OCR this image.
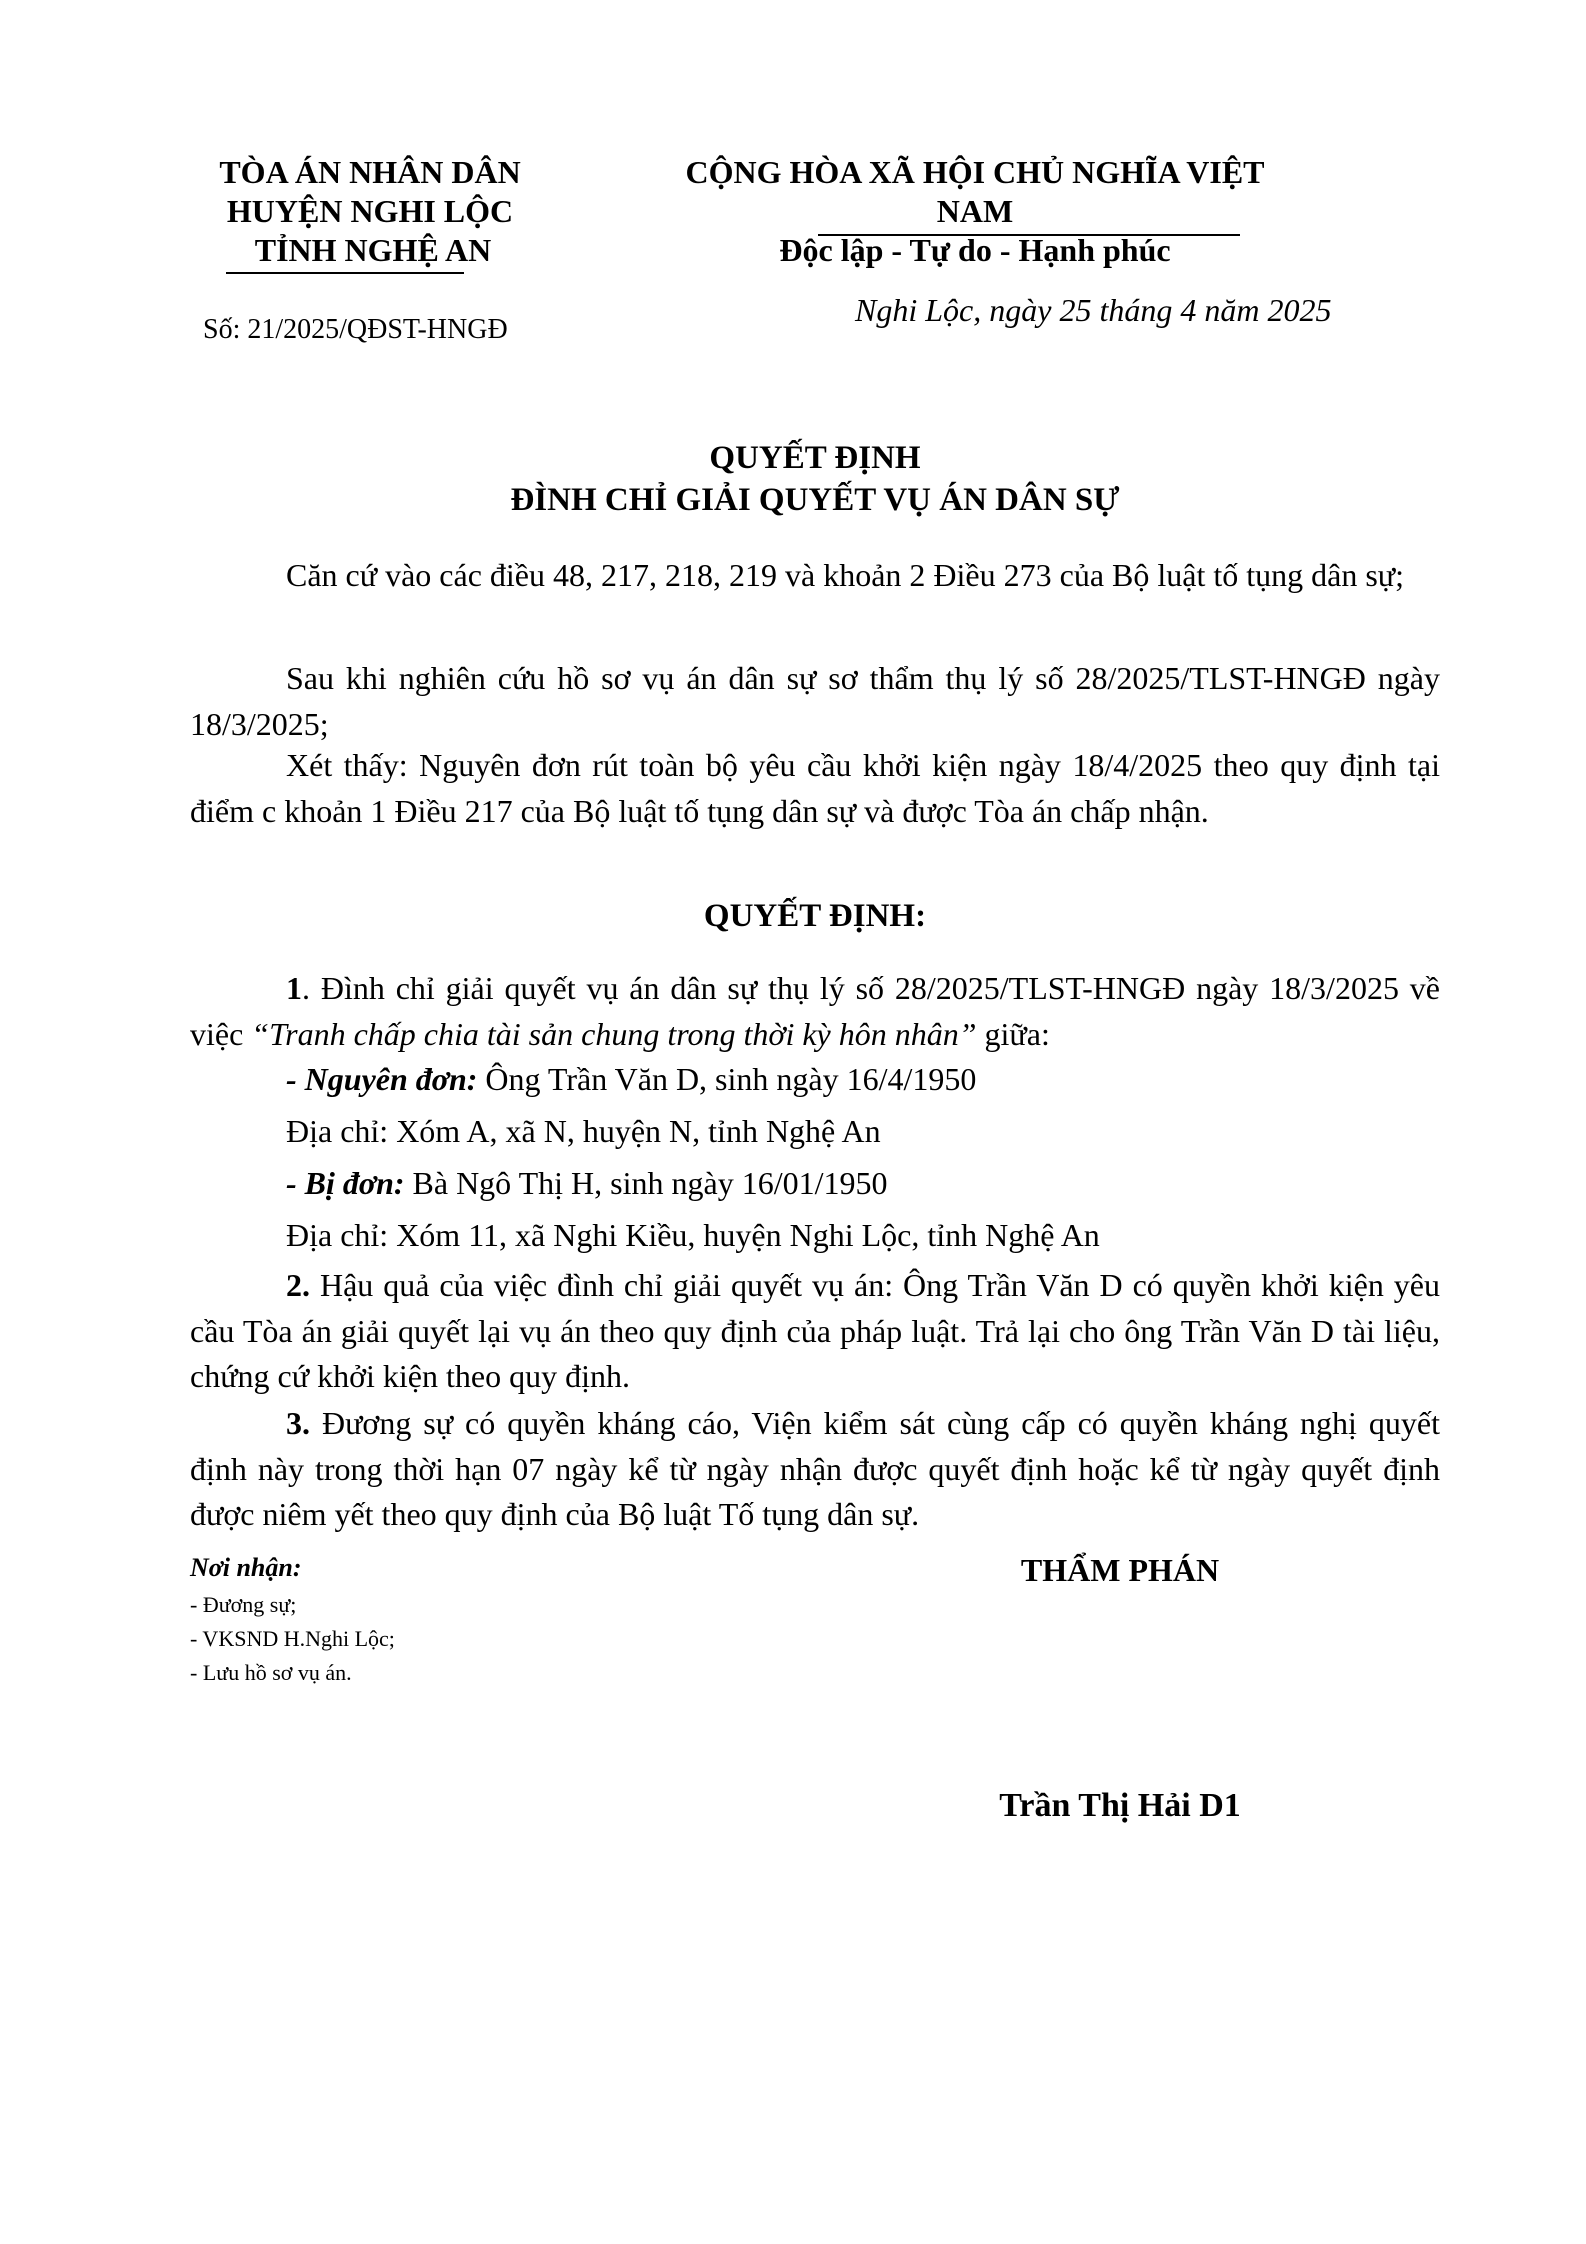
TÒA ÁN NHÂN DÂN
HUYỆN NGHI LỘC
TỈNH NGHỆ AN
Số: 21/2025/QĐST-HNGĐ
CỘNG HÒA XÃ HỘI CHỦ NGHĨA VIỆT NAM
Độc lập - Tự do - Hạnh phúc
Nghi Lộc, ngày 25 tháng 4 năm 2025
QUYẾT ĐỊNH
ĐÌNH CHỈ GIẢI QUYẾT VỤ ÁN DÂN SỰ

Căn cứ vào các điều 48, 217, 218, 219 và khoản 2 Điều 273 của Bộ luật tố tụng dân sự;

Sau khi nghiên cứu hồ sơ vụ án dân sự sơ thẩm thụ lý số 28/2025/TLST-HNGĐ ngày 18/3/2025;

Xét thấy: Nguyên đơn rút toàn bộ yêu cầu khởi kiện ngày 18/4/2025 theo quy định tại điểm c khoản 1 Điều 217 của Bộ luật tố tụng dân sự và được Tòa án chấp nhận.

QUYẾT ĐỊNH:

1. Đình chỉ giải quyết vụ án dân sự thụ lý số 28/2025/TLST-HNGĐ ngày 18/3/2025 về việc “Tranh chấp chia tài sản chung trong thời kỳ hôn nhân” giữa:

- Nguyên đơn: Ông Trần Văn D, sinh ngày 16/4/1950
Địa chỉ: Xóm A, xã N, huyện N, tỉnh Nghệ An
- Bị đơn: Bà Ngô Thị H, sinh ngày 16/01/1950
Địa chỉ: Xóm 11, xã Nghi Kiều, huyện Nghi Lộc, tỉnh Nghệ An

2. Hậu quả của việc đình chỉ giải quyết vụ án: Ông Trần Văn D có quyền khởi kiện yêu cầu Tòa án giải quyết lại vụ án theo quy định của pháp luật. Trả lại cho ông Trần Văn D tài liệu, chứng cứ khởi kiện theo quy định.

3. Đương sự có quyền kháng cáo, Viện kiểm sát cùng cấp có quyền kháng nghị quyết định này trong thời hạn 07 ngày kể từ ngày nhận được quyết định hoặc kể từ ngày quyết định được niêm yết theo quy định của Bộ luật Tố tụng dân sự.

Nơi nhận:
- Đương sự;
- VKSND H.Nghi Lộc;
- Lưu hồ sơ vụ án.
THẨM PHÁN
Trần Thị Hải D1
